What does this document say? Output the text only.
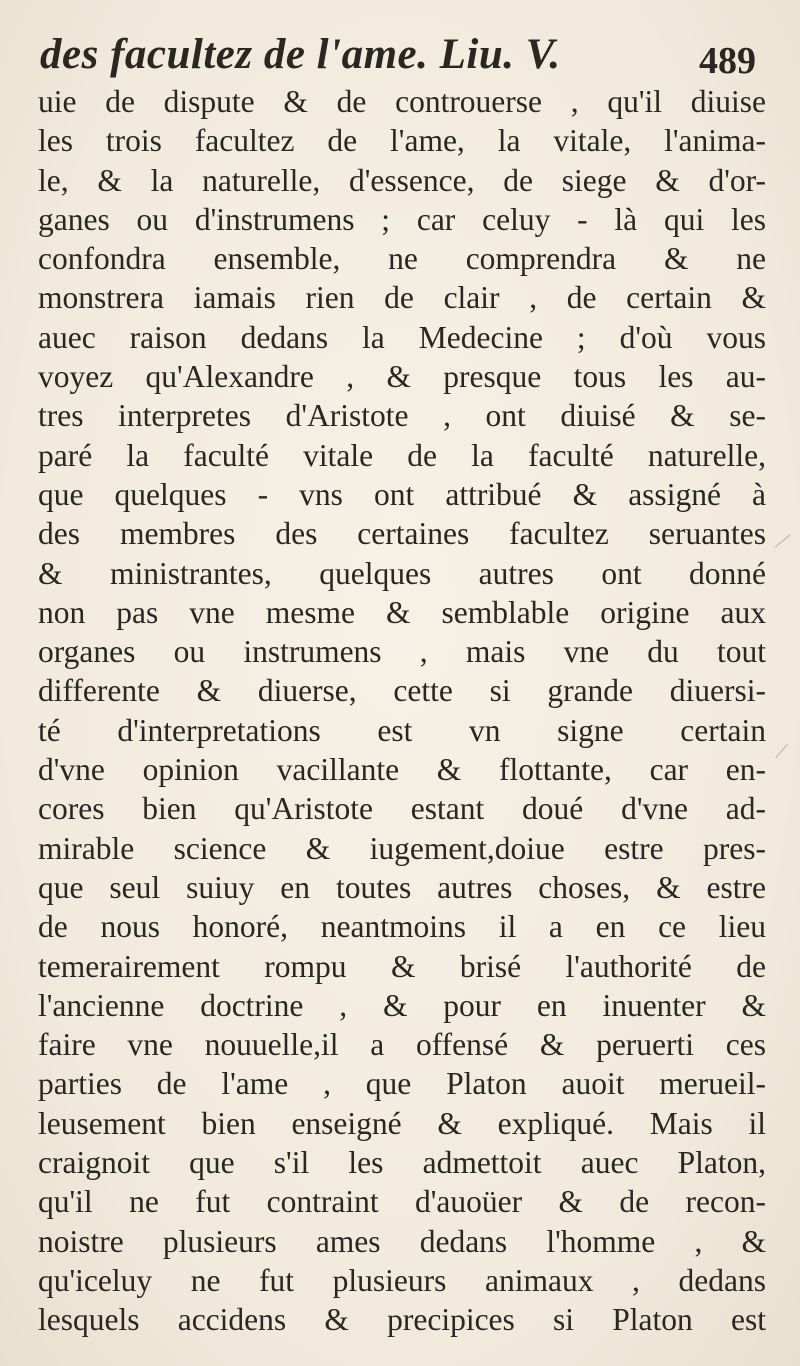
des facultez de l'ame. Liu. V.	489
uie de dispute & de controuerse , qu'il diuise
les trois facultez de l'ame, la vitale, l'anima-
le, & la naturelle, d'essence, de siege & d'or-
ganes ou d'instrumens ; car celuy - là qui les
confondra ensemble, ne comprendra & ne
monstrera iamais rien de clair , de certain &
auec raison dedans la Medecine ; d'où vous
voyez qu'Alexandre , & presque tous les au-
tres interpretes d'Aristote , ont diuisé & se-
paré la faculté vitale de la faculté naturelle,
que quelques - vns ont attribué & assigné à
des membres des certaines facultez seruantes
& ministrantes, quelques autres ont donné
non pas vne mesme & semblable origine aux
organes ou instrumens , mais vne du tout
differente & diuerse, cette si grande diuersi-
té d'interpretations est vn signe certain
d'vne opinion vacillante & flottante, car en-
cores bien qu'Aristote estant doué d'vne ad-
mirable science & iugement,doiue estre pres-
que seul suiuy en toutes autres choses, & estre
de nous honoré, neantmoins il a en ce lieu
temerairement rompu & brisé l'authorité de
l'ancienne doctrine , & pour en inuenter &
faire vne nouuelle,il a offensé & peruerti ces
parties de l'ame , que Platon auoit merueil-
leusement bien enseigné & expliqué. Mais il
craignoit que s'il les admettoit auec Platon,
qu'il ne fut contraint d'auoüer & de recon-
noistre plusieurs ames dedans l'homme , &
qu'iceluy ne fut plusieurs animaux , dedans
lesquels accidens & precipices si Platon est
